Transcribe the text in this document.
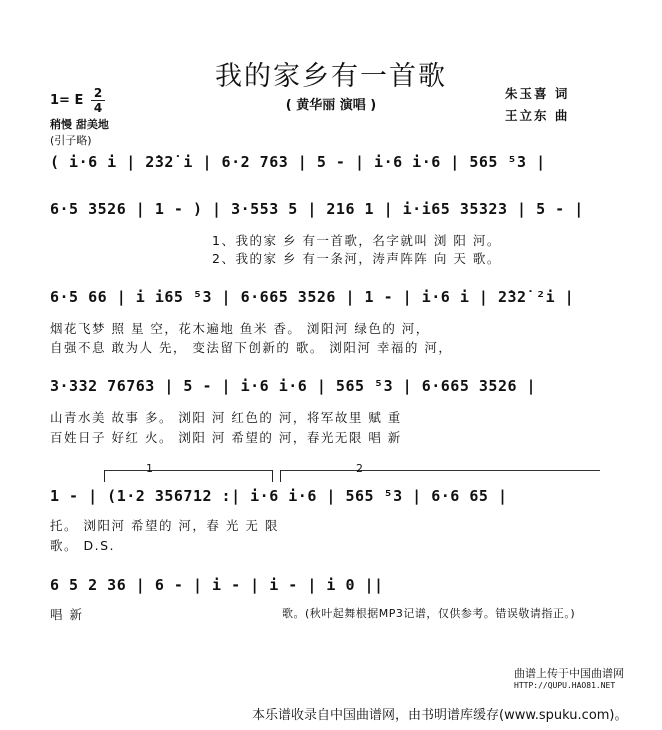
我的家乡有一首歌
( 黄华丽 演唱 )
朱玉喜 词
王立东 曲
1= E 2
4
稍慢 甜美地
(引子略)
( i·6 i | 2̇32̇ i | 6·2 763 | 5 - | i·6 i·6 | 565 ⁵3 |
6·5 3526 | 1 - ) | 3·553 5 | 216 1 | i·i65 35323 | 5 - |
1、我的家 乡 有一首歌，名字就叫 浏 阳 河。
2、我的家 乡 有一条河，涛声阵阵 向 天 歌。
6·5 66 | i i65 ⁵3 | 6·665 3526 | 1 - | i·6 i | 2̇32̇ ²i |
烟花飞梦 照 星 空，花木遍地 鱼米 香。 浏阳河 绿色的 河，
自强不息 敢为人 先， 变法留下创新的 歌。 浏阳河 幸福的 河，
3·332 76763 | 5 - | i·6 i·6 | 565 ⁵3 | 6·665 3526 |
山青水美 故事 多。 浏阳 河 红色的 河，将军故里 赋 重
百姓日子 好红 火。 浏阳 河 希望的 河，春光无限 唱 新
1	2
1 - | (1·2 356712 :| i·6 i·6 | 565 ⁵3 | 6·6 65 |
托。 浏阳河 希望的 河，春 光 无 限
歌。 D.S.
6 5 2 36 | 6 - | i - | i - | i 0 ||
唱 新	歌。(秋叶起舞根据MP3记谱，仅供参考。错误敬请指正。)
曲谱上传于中国曲谱网
HTTP://QUPU.HAO81.NET
本乐谱收录自中国曲谱网，由书明谱库缓存(www.spuku.com)。
